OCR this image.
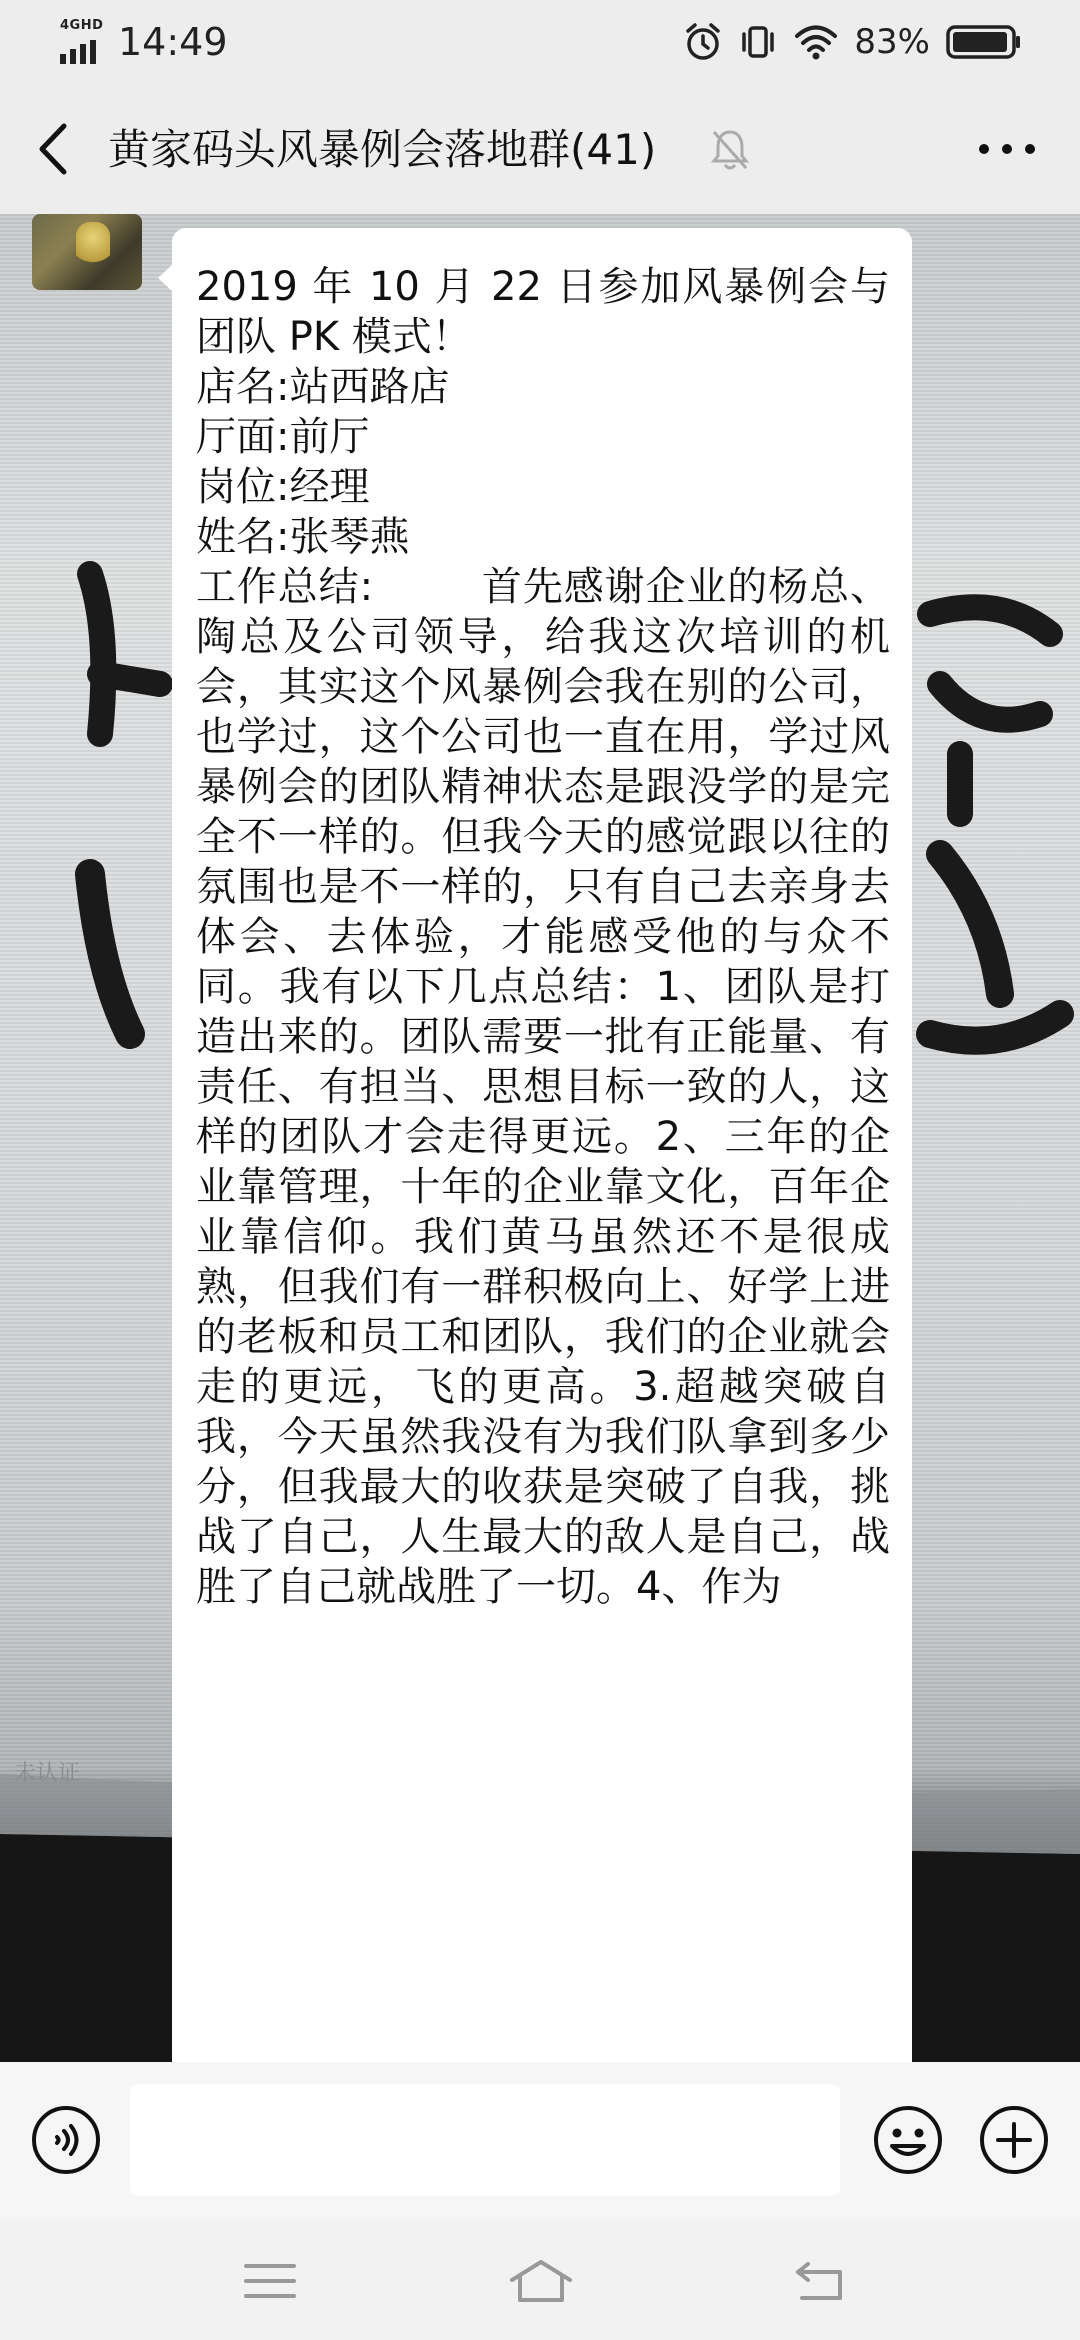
4GHD 14:49	83%
黄家码头风暴例会落地群(41)
未认证

2019 年 10 月 22 日参加风暴例会与团队 PK 模式！
店名:站西路店
厅面:前厅
岗位:经理
姓名:张琴燕
工作总结:        首先感谢企业的杨总、陶总及公司领导，给我这次培训的机会，其实这个风暴例会我在别的公司，也学过，这个公司也一直在用，学过风暴例会的团队精神状态是跟没学的是完全不一样的。但我今天的感觉跟以往的氛围也是不一样的，只有自己去亲身去体会、去体验，才能感受他的与众不同。我有以下几点总结：1、团队是打造出来的。团队需要一批有正能量、有责任、有担当、思想目标一致的人，这样的团队才会走得更远。2、三年的企业靠管理，十年的企业靠文化，百年企业靠信仰。我们黄马虽然还不是很成熟，但我们有一群积极向上、好学上进的老板和员工和团队，我们的企业就会走的更远，飞的更高。3.超越突破自我，今天虽然我没有为我们队拿到多少分，但我最大的收获是突破了自我，挑战了自己，人生最大的敌人是自己，战胜了自己就战胜了一切。4、作为
